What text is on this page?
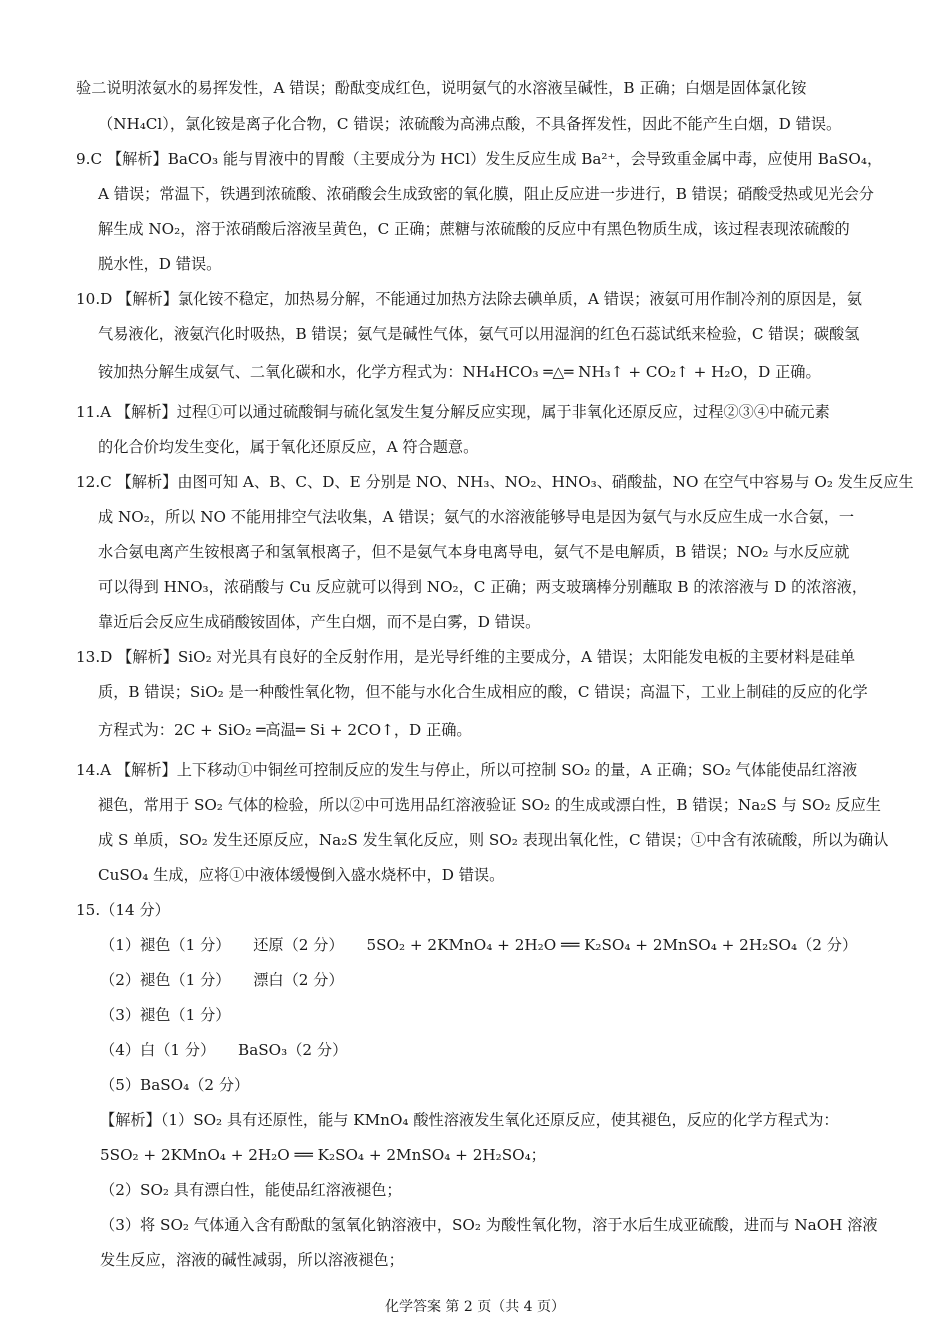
验二说明浓氨水的易挥发性，A 错误；酚酞变成红色，说明氨气的水溶液呈碱性，B 正确；白烟是固体氯化铵
（NH₄Cl），氯化铵是离子化合物，C 错误；浓硫酸为高沸点酸，不具备挥发性，因此不能产生白烟，D 错误。
9.C 【解析】BaCO₃ 能与胃液中的胃酸（主要成分为 HCl）发生反应生成 Ba²⁺，会导致重金属中毒，应使用 BaSO₄，
A 错误；常温下，铁遇到浓硫酸、浓硝酸会生成致密的氧化膜，阻止反应进一步进行，B 错误；硝酸受热或见光会分
解生成 NO₂，溶于浓硝酸后溶液呈黄色，C 正确；蔗糖与浓硫酸的反应中有黑色物质生成，该过程表现浓硫酸的
脱水性，D 错误。
10.D 【解析】氯化铵不稳定，加热易分解，不能通过加热方法除去碘单质，A 错误；液氨可用作制冷剂的原因是，氨
气易液化，液氨汽化时吸热，B 错误；氨气是碱性气体，氨气可以用湿润的红色石蕊试纸来检验，C 错误；碳酸氢
铵加热分解生成氨气、二氧化碳和水，化学方程式为：NH₄HCO₃ ═△═ NH₃↑ + CO₂↑ + H₂O，D 正确。
11.A 【解析】过程①可以通过硫酸铜与硫化氢发生复分解反应实现，属于非氧化还原反应，过程②③④中硫元素
的化合价均发生变化，属于氧化还原反应，A 符合题意。
12.C 【解析】由图可知 A、B、C、D、E 分别是 NO、NH₃、NO₂、HNO₃、硝酸盐，NO 在空气中容易与 O₂ 发生反应生
成 NO₂，所以 NO 不能用排空气法收集，A 错误；氨气的水溶液能够导电是因为氨气与水反应生成一水合氨，一
水合氨电离产生铵根离子和氢氧根离子，但不是氨气本身电离导电，氨气不是电解质，B 错误；NO₂ 与水反应就
可以得到 HNO₃，浓硝酸与 Cu 反应就可以得到 NO₂，C 正确；两支玻璃棒分别蘸取 B 的浓溶液与 D 的浓溶液，
靠近后会反应生成硝酸铵固体，产生白烟，而不是白雾，D 错误。
13.D 【解析】SiO₂ 对光具有良好的全反射作用，是光导纤维的主要成分，A 错误；太阳能发电板的主要材料是硅单
质，B 错误；SiO₂ 是一种酸性氧化物，但不能与水化合生成相应的酸，C 错误；高温下，工业上制硅的反应的化学
方程式为：2C + SiO₂ ═高温═ Si + 2CO↑，D 正确。
14.A 【解析】上下移动①中铜丝可控制反应的发生与停止，所以可控制 SO₂ 的量，A 正确；SO₂ 气体能使品红溶液
褪色，常用于 SO₂ 气体的检验，所以②中可选用品红溶液验证 SO₂ 的生成或漂白性，B 错误；Na₂S 与 SO₂ 反应生
成 S 单质，SO₂ 发生还原反应，Na₂S 发生氧化反应，则 SO₂ 表现出氧化性，C 错误；①中含有浓硫酸，所以为确认
CuSO₄ 生成，应将①中液体缓慢倒入盛水烧杯中，D 错误。
15.（14 分）
（1）褪色（1 分）　　还原（2 分）　　5SO₂ + 2KMnO₄ + 2H₂O ══ K₂SO₄ + 2MnSO₄ + 2H₂SO₄（2 分）
（2）褪色（1 分）　　漂白（2 分）
（3）褪色（1 分）
（4）白（1 分）　　BaSO₃（2 分）
（5）BaSO₄（2 分）
【解析】（1）SO₂ 具有还原性，能与 KMnO₄ 酸性溶液发生氧化还原反应，使其褪色，反应的化学方程式为：
5SO₂ + 2KMnO₄ + 2H₂O ══ K₂SO₄ + 2MnSO₄ + 2H₂SO₄；
（2）SO₂ 具有漂白性，能使品红溶液褪色；
（3）将 SO₂ 气体通入含有酚酞的氢氧化钠溶液中，SO₂ 为酸性氧化物，溶于水后生成亚硫酸，进而与 NaOH 溶液
发生反应，溶液的碱性减弱，所以溶液褪色；
化学答案 第 2 页（共 4 页）
